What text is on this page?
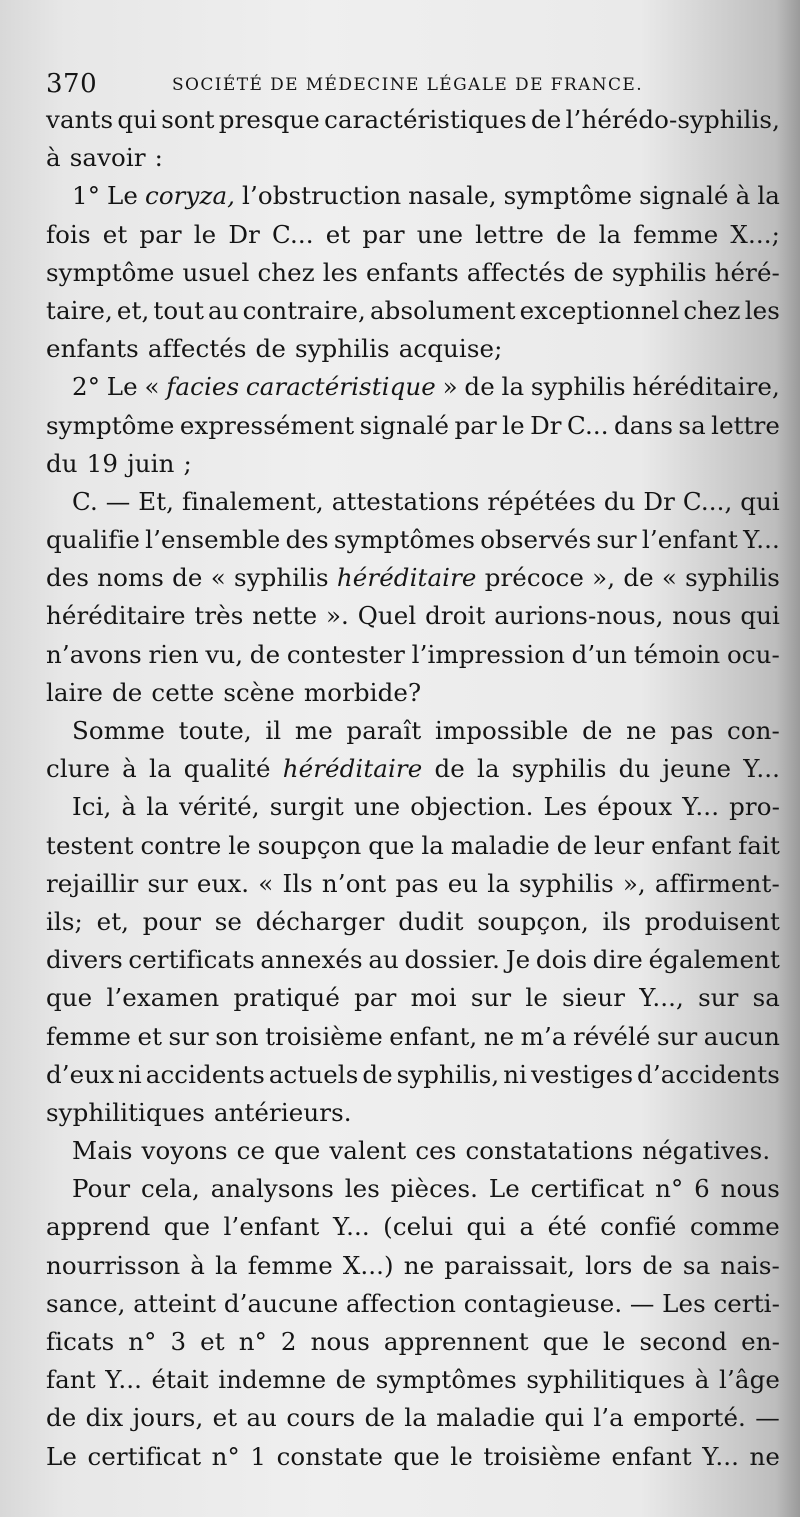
370	SOCIÉTÉ DE MÉDECINE LÉGALE DE FRANCE.
vants qui sont presque caractéristiques de l’hérédo-syphilis,
à savoir :
1° Le coryza, l’obstruction nasale, symptôme signalé à la
fois et par le Dr C... et par une lettre de la femme X...;
symptôme usuel chez les enfants affectés de syphilis héré-
taire, et, tout au contraire, absolument exceptionnel chez les
enfants affectés de syphilis acquise;
2° Le « facies caractéristique » de la syphilis héréditaire,
symptôme expressément signalé par le Dr C... dans sa lettre
du 19 juin ;
C. — Et, finalement, attestations répétées du Dr C..., qui
qualifie l’ensemble des symptômes observés sur l’enfant Y...
des noms de « syphilis héréditaire précoce », de « syphilis
héréditaire très nette ». Quel droit aurions-nous, nous qui
n’avons rien vu, de contester l’impression d’un témoin ocu-
laire de cette scène morbide?
Somme toute, il me paraît impossible de ne pas con-
clure à la qualité héréditaire de la syphilis du jeune Y...
Ici, à la vérité, surgit une objection. Les époux Y... pro-
testent contre le soupçon que la maladie de leur enfant fait
rejaillir sur eux. « Ils n’ont pas eu la syphilis », affirment-
ils; et, pour se décharger dudit soupçon, ils produisent
divers certificats annexés au dossier. Je dois dire également
que l’examen pratiqué par moi sur le sieur Y..., sur sa
femme et sur son troisième enfant, ne m’a révélé sur aucun
d’eux ni accidents actuels de syphilis, ni vestiges d’accidents
syphilitiques antérieurs.
Mais voyons ce que valent ces constatations négatives.
Pour cela, analysons les pièces. Le certificat n° 6 nous
apprend que l’enfant Y... (celui qui a été confié comme
nourrisson à la femme X...) ne paraissait, lors de sa nais-
sance, atteint d’aucune affection contagieuse. — Les certi-
ficats n° 3 et n° 2 nous apprennent que le second en-
fant Y... était indemne de symptômes syphilitiques à l’âge
de dix jours, et au cours de la maladie qui l’a emporté. —
Le certificat n° 1 constate que le troisième enfant Y... ne
